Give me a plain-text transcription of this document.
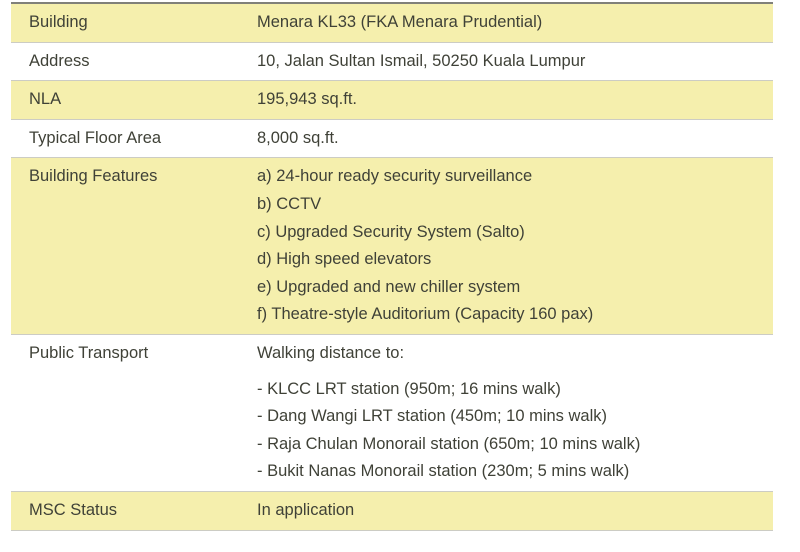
Building	Menara KL33 (FKA Menara Prudential)
Address	10, Jalan Sultan Ismail, 50250 Kuala Lumpur
NLA	195,943 sq.ft.
Typical Floor Area	8,000 sq.ft.
Building Features	a) 24-hour ready security surveillance
b) CCTV
c) Upgraded Security System (Salto)
d) High speed elevators
e) Upgraded and new chiller system
f) Theatre-style Auditorium (Capacity 160 pax)
Public Transport	Walking distance to:
- KLCC LRT station (950m; 16 mins walk)
- Dang Wangi LRT station (450m; 10 mins walk)
- Raja Chulan Monorail station (650m; 10 mins walk)
- Bukit Nanas Monorail station (230m; 5 mins walk)
MSC Status	In application
